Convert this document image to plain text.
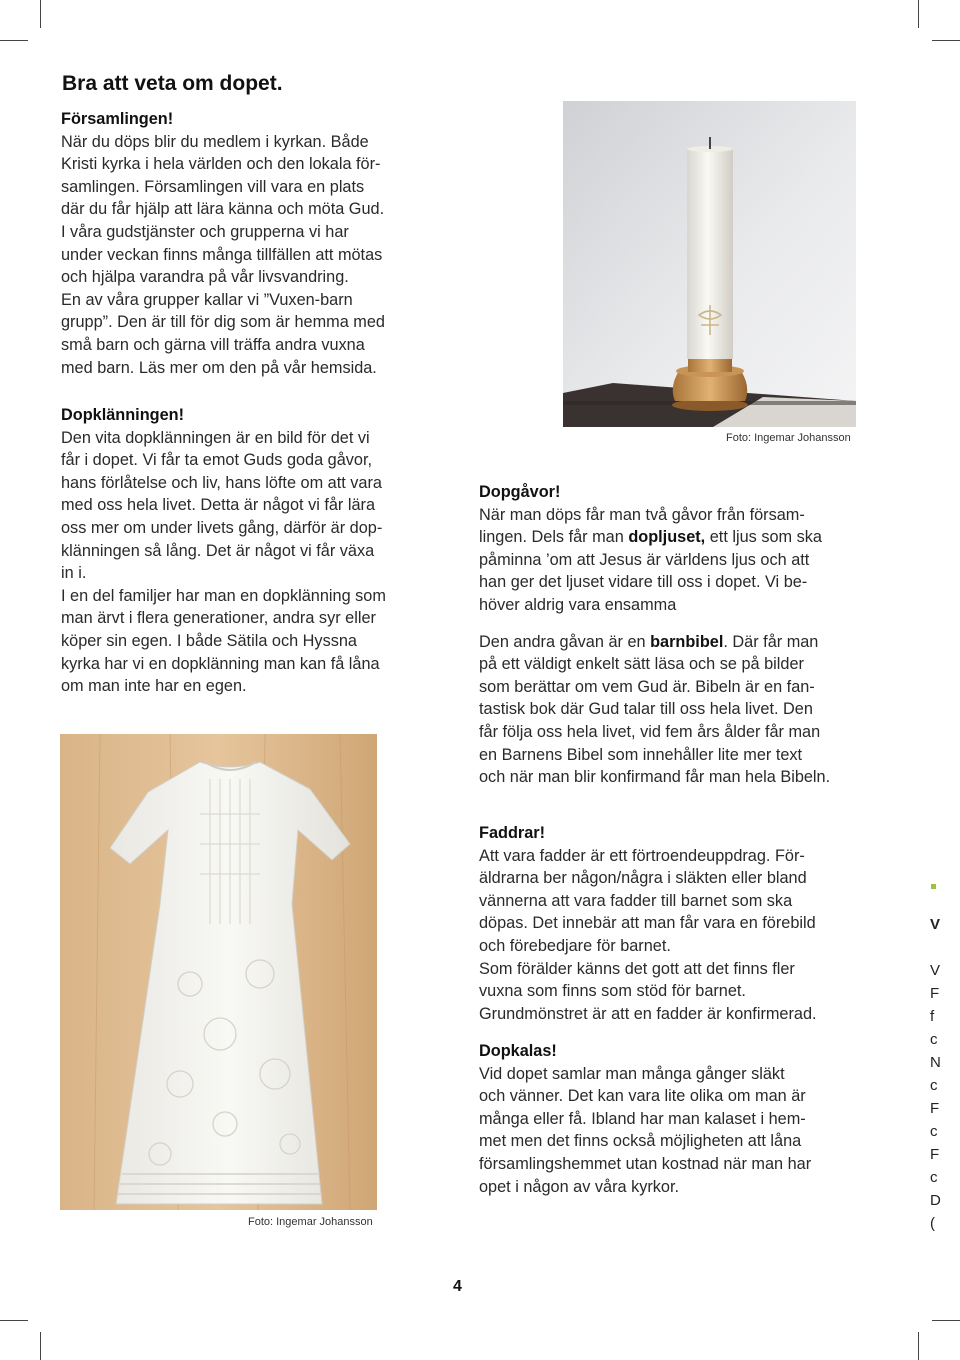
Bra att veta om dopet.
Församlingen!

När du döps blir du medlem i kyrkan. Både

Kristi kyrka i hela världen och den lokala för-

samlingen. Församlingen vill vara en plats

där du får hjälp att lära känna och möta Gud.

I våra gudstjänster och grupperna vi har

under veckan finns många tillfällen att mötas

och hjälpa varandra på vår livsvandring.

En av våra grupper kallar vi ”Vuxen-barn

grupp”. Den är till för dig som är hemma med

små barn och gärna vill träffa andra vuxna

med barn. Läs mer om den på vår hemsida.

Dopklänningen!

Den vita dopklänningen är en bild för det vi

får i dopet. Vi får ta emot Guds goda gåvor,

hans förlåtelse och liv, hans löfte om att vara

med oss hela livet. Detta är något vi får lära

oss mer om under livets gång, därför är dop-

klänningen så lång. Det är något vi får växa

in i.

I en del familjer har man en dopklänning som

man ärvt i flera generationer, andra syr eller

köper sin egen. I både Sätila och Hyssna

kyrka har vi en dopklänning man kan få låna

om man inte har en egen.

Foto: Ingemar Johansson
Dopgåvor!

När man döps får man två gåvor från försam-

lingen. Dels får man dopljuset, ett ljus som ska

påminna ’om att Jesus är världens ljus och att

han ger det ljuset vidare till oss i dopet. Vi be-

höver aldrig vara ensamma

Den andra gåvan är en barnbibel. Där får man

på ett väldigt enkelt sätt läsa och se på bilder

som berättar om vem Gud är. Bibeln är en fan-

tastisk bok där Gud talar till oss hela livet. Den

får följa oss hela livet, vid fem års ålder får man

en Barnens Bibel som innehåller lite mer text

och när man blir konfirmand får man hela Bibeln.

Foto: Ingemar Johansson
Faddrar!

Att vara fadder är ett förtroendeuppdrag. För-

äldrarna ber någon/några i släkten eller bland

vännerna att vara fadder till barnet som ska

döpas. Det innebär att man får vara en förebild

och förebedjare för barnet.

Som förälder känns det gott att det finns fler

vuxna som finns som stöd för barnet.

Grundmönstret är att en fadder är konfirmerad.

Dopkalas!

Vid dopet samlar man många gånger släkt

och vänner. Det kan vara lite olika om man är

många eller få. Ibland har man kalaset i hem-

met men det finns också möjligheten att låna

församlingshemmet utan kostnad när man har

opet i någon av våra kyrkor.

V
V
F
f
c
N
c
F
c
F
c
D
(
4
